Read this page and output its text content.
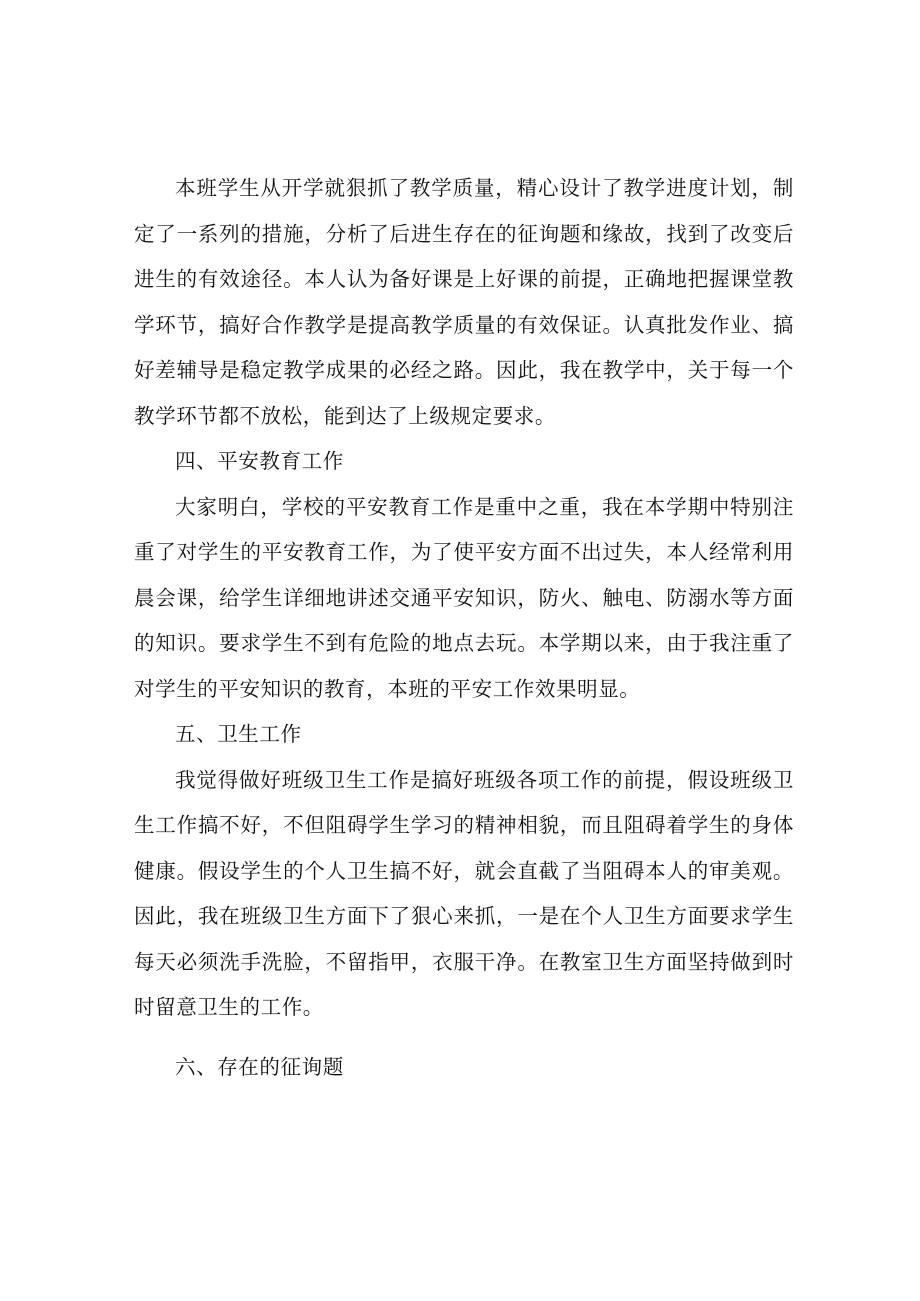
本班学生从开学就狠抓了教学质量，精心设计了教学进度计划，制定了一系列的措施，分析了后进生存在的征询题和缘故，找到了改变后进生的有效途径。本人认为备好课是上好课的前提，正确地把握课堂教学环节，搞好合作教学是提高教学质量的有效保证。认真批发作业、搞好差辅导是稳定教学成果的必经之路。因此，我在教学中，关于每一个教学环节都不放松，能到达了上级规定要求。

四、平安教育工作

大家明白，学校的平安教育工作是重中之重，我在本学期中特别注重了对学生的平安教育工作，为了使平安方面不出过失，本人经常利用晨会课，给学生详细地讲述交通平安知识，防火、触电、防溺水等方面的知识。要求学生不到有危险的地点去玩。本学期以来，由于我注重了对学生的平安知识的教育，本班的平安工作效果明显。

五、卫生工作

我觉得做好班级卫生工作是搞好班级各项工作的前提，假设班级卫生工作搞不好，不但阻碍学生学习的精神相貌，而且阻碍着学生的身体健康。假设学生的个人卫生搞不好，就会直截了当阻碍本人的审美观。因此，我在班级卫生方面下了狠心来抓，一是在个人卫生方面要求学生每天必须洗手洗脸，不留指甲，衣服干净。在教室卫生方面坚持做到时时留意卫生的工作。

六、存在的征询题
